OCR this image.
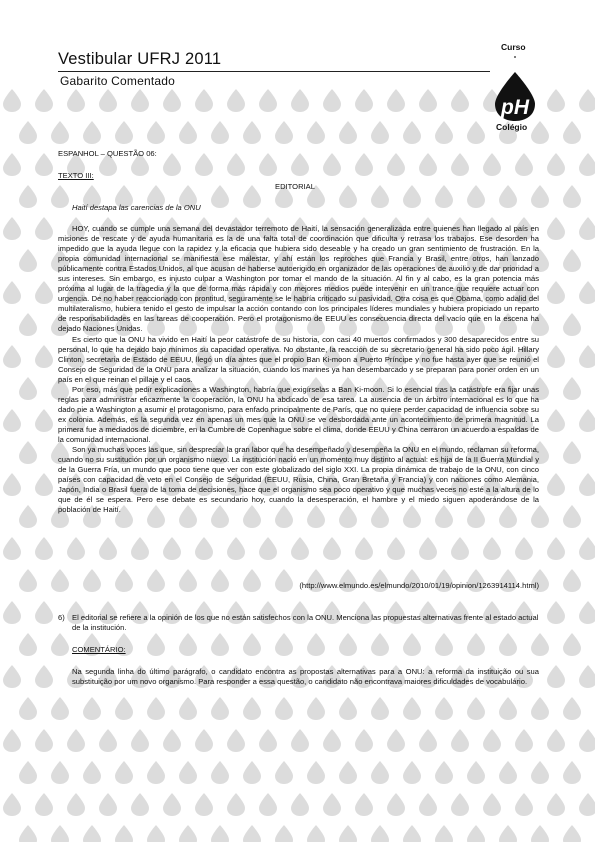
Vestibular UFRJ 2011
Gabarito Comentado
Curso
pH
Colégio
ESPANHOL – QUESTÃO 06:
TEXTO III:
EDITORIAL
Haití destapa las carencias de la ONU

HOY, cuando se cumple una semana del devastador terremoto de Haití, la sensación generalizada entre quienes han llegado al país en misiones de rescate y de ayuda humanitaria es la de una falta total de coordinación que dificulta y retrasa los trabajos. Ese desorden ha impedido que la ayuda llegue con la rapidez y la eficacia que hubiera sido deseable y ha creado un gran sentimiento de frustración. En la propia comunidad internacional se manifiesta ese malestar, y ahí están los reproches que Francia y Brasil, entre otros, han lanzado públicamente contra Estados Unidos, al que acusan de haberse autoerigido en organizador de las operaciones de auxilio y de dar prioridad a sus intereses. Sin embargo, es injusto culpar a Washington por tomar el mando de la situación. Al fin y al cabo, es la gran potencia más próxima al lugar de la tragedia y la que de forma más rápida y con mejores medios puede intervenir en un trance que requiere actuar con urgencia. De no haber reaccionado con prontitud, seguramente se le habría criticado su pasividad. Otra cosa es que Obama, como adalid del multilateralismo, hubiera tenido el gesto de impulsar la acción contando con los principales líderes mundiales y hubiera propiciado un reparto de responsabilidades en las tareas de cooperación. Pero el protagonismo de EEUU es consecuencia directa del vacío que en la escena ha dejado Naciones Unidas.

Es cierto que la ONU ha vivido en Haití la peor catástrofe de su historia, con casi 40 muertos confirmados y 300 desaparecidos entre su personal, lo que ha dejado bajo mínimos su capacidad operativa. No obstante, la reacción de su secretario general ha sido poco ágil. Hillary Clinton, secretaria de Estado de EEUU, llegó un día antes que el propio Ban Ki-moon a Puerto Príncipe y no fue hasta ayer que se reunió el Consejo de Seguridad de la ONU para analizar la situación, cuando los marines ya han desembarcado y se preparan para poner orden en un país en el que reinan el pillaje y el caos.

Por eso, más que pedir explicaciones a Washington, habría que exigírselas a Ban Ki-moon. Si lo esencial tras la catástrofe era fijar unas reglas para administrar eficazmente la cooperación, la ONU ha abdicado de esa tarea. La ausencia de un árbitro internacional es lo que ha dado pie a Washington a asumir el protagonismo, para enfado principalmente de París, que no quiere perder capacidad de influencia sobre su ex colonia. Además, es la segunda vez en apenas un mes que la ONU se ve desbordada ante un acontecimiento de primera magnitud. La primera fue a mediados de diciembre, en la Cumbre de Copenhague sobre el clima, donde EEUU y China cerraron un acuerdo a espaldas de la comunidad internacional.

Son ya muchas voces las que, sin despreciar la gran labor que ha desempeñado y desempeña la ONU en el mundo, reclaman su reforma, cuando no su sustitución por un organismo nuevo. La institución nació en un momento muy distinto al actual: es hija de la II Guerra Mundial y de la Guerra Fría, un mundo que poco tiene que ver con este globalizado del siglo XXI. La propia dinámica de trabajo de la ONU, con cinco países con capacidad de veto en el Consejo de Seguridad (EEUU, Rusia, China, Gran Bretaña y Francia) y con naciones como Alemania, Japón, India o Brasil fuera de la toma de decisiones, hace que el organismo sea poco operativo y que muchas veces no esté a la altura de lo que de él se espera. Pero ese debate es secundario hoy, cuando la desesperación, el hambre y el miedo siguen apoderándose de la población de Haití.

(http://www.elmundo.es/elmundo/2010/01/19/opinion/1263914114.html)
6) El editorial se refiere a la opinión de los que no están satisfechos con la ONU. Menciona las propuestas alternativas frente al estado actual de la institución.
COMENTÁRIO:
Na segunda linha do último parágrafo, o candidato encontra as propostas alternativas para a ONU: a reforma da instituição ou sua substituição por um novo organismo. Para responder a essa questão, o candidato não encontrava maiores dificuldades de vocabulário.
